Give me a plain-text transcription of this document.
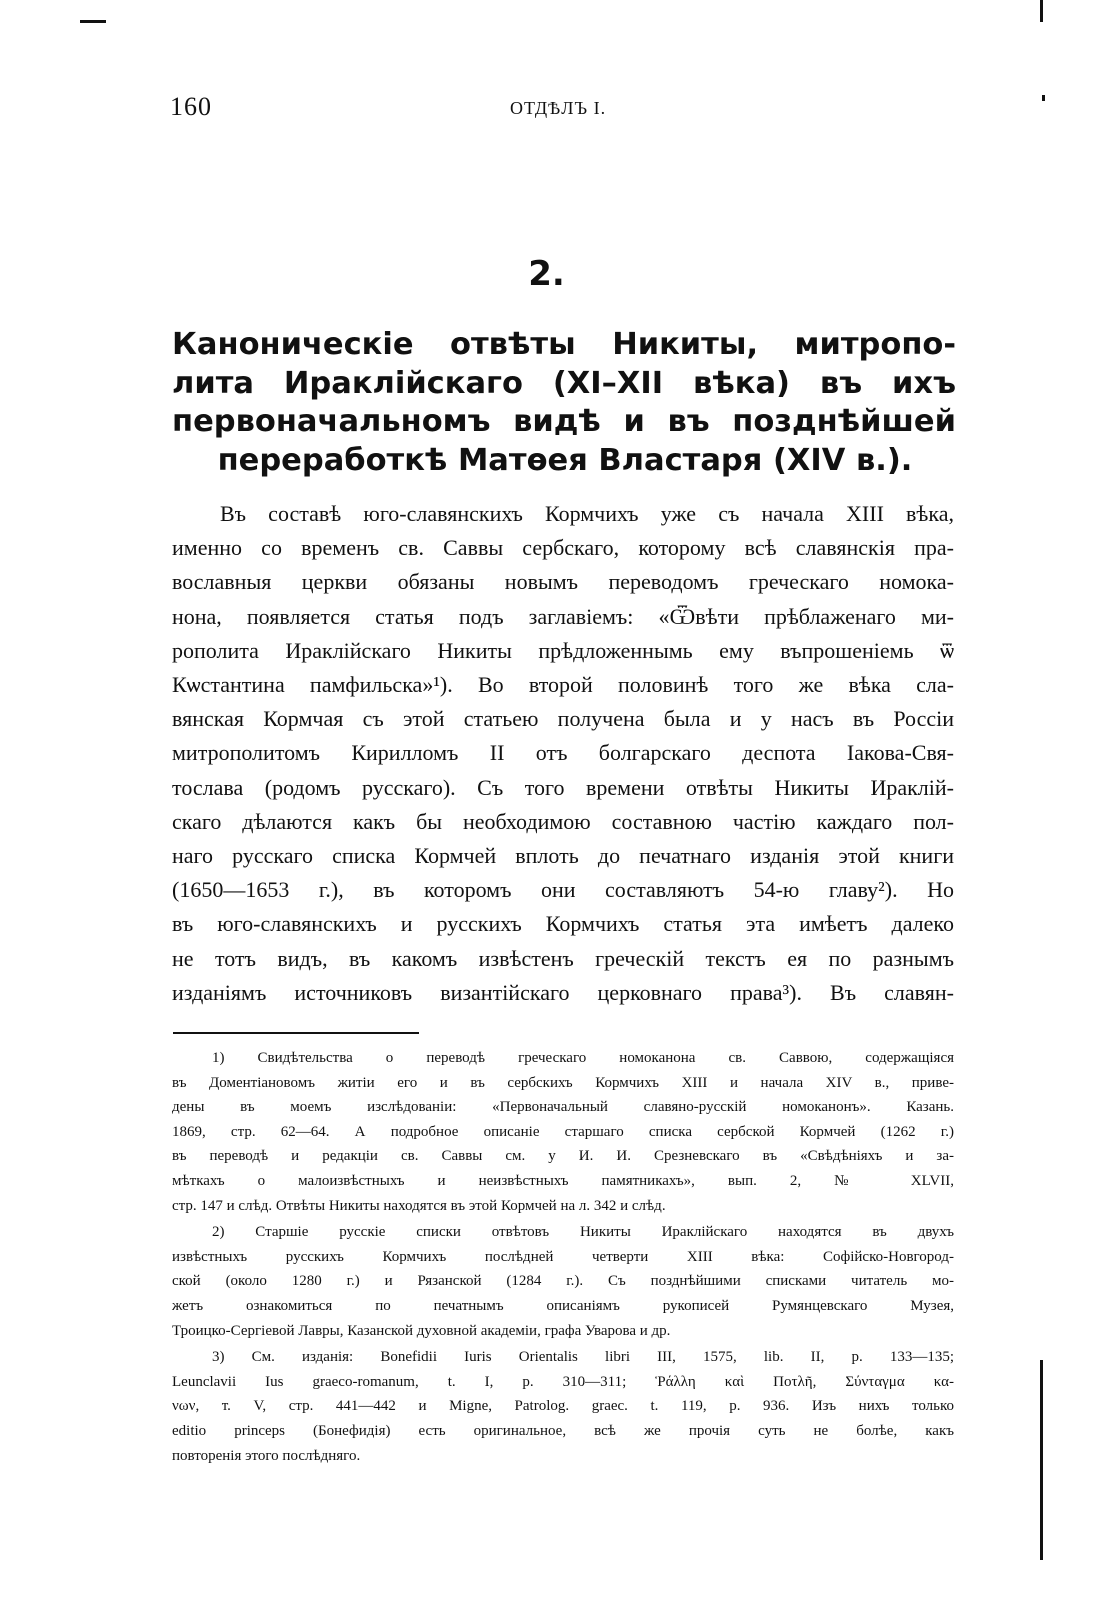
160	ОТДѢЛЪ I.
2.
Каноническіе отвѣты Никиты, митропо-
лита Ираклійскаго (XI–XII вѣка) въ ихъ
первоначальномъ видѣ и въ позднѣйшей
переработкѣ Матѳея Властаря (XIV в.).
Въ составѣ юго-славянскихъ Кормчихъ уже съ начала XIII вѣка,
именно со временъ св. Саввы сербскаго, которому всѣ славянскія пра-
вославныя церкви обязаны новымъ переводомъ греческаго номока-
нона, появляется статья подъ заглавіемъ: «Ѿвѣти прѣблаженаго ми-
рополита Ираклійскаго Никиты прѣдложеннымь ему въпрошеніемь ѿ
Кѡстантина памфильска»¹). Во второй половинѣ того же вѣка сла-
вянская Кормчая съ этой статьею получена была и у насъ въ Россіи
митрополитомъ Кирилломъ II отъ болгарскаго деспота Іакова-Свя-
тослава (родомъ русскаго). Съ того времени отвѣты Никиты Ираклій-
скаго дѣлаются какъ бы необходимою составною частію каждаго пол-
наго русскаго списка Кормчей вплоть до печатнаго изданія этой книги
(1650—1653 г.), въ которомъ они составляютъ 54-ю главу²). Но
въ юго-славянскихъ и русскихъ Кормчихъ статья эта имѣетъ далеко
не тотъ видъ, въ какомъ извѣстенъ греческій текстъ ея по разнымъ
изданіямъ источниковъ византійскаго церковнаго права³). Въ славян-
1) Свидѣтельства о переводѣ греческаго номоканона св. Саввою, содержащіяся
въ Доментіановомъ житіи его и въ сербскихъ Кормчихъ XIII и начала XIV в., приве-
дены въ моемъ изслѣдованіи: «Первоначальный славяно-русскій номоканонъ». Казань.
1869, стр. 62—64. А подробное описаніе старшаго списка сербской Кормчей (1262 г.)
въ переводѣ и редакціи св. Саввы см. у И. И. Срезневскаго въ «Свѣдѣніяхъ и за-
мѣткахъ о малоизвѣстныхъ и неизвѣстныхъ памятникахъ», вып. 2, № XLVII,
стр. 147 и слѣд. Отвѣты Никиты находятся въ этой Кормчей на л. 342 и слѣд.
2) Старшіе русскіе списки отвѣтовъ Никиты Ираклійскаго находятся въ двухъ
извѣстныхъ русскихъ Кормчихъ послѣдней четверти XIII вѣка: Софійско-Новгород-
ской (около 1280 г.) и Рязанской (1284 г.). Съ позднѣйшими списками читатель мо-
жетъ ознакомиться по печатнымъ описаніямъ рукописей Румянцевскаго Музея,
Троицко-Сергіевой Лавры, Казанской духовной академіи, графа Уварова и др.
3) См. изданія: Bonefidii Iuris Orientalis libri III, 1575, lib. II, p. 133—135;
Leunclavii Ius graeco-romanum, t. I, p. 310—311; Ῥάλλη καὶ Ποτλῆ, Σύνταγμα κα-
νων, т. V, стр. 441—442 и Migne, Patrolog. graec. t. 119, p. 936. Изъ нихъ только
editio princeps (Бонефидія) есть оригинальное, всѣ же прочія суть не болѣе, какъ
повторенія этого послѣдняго.
